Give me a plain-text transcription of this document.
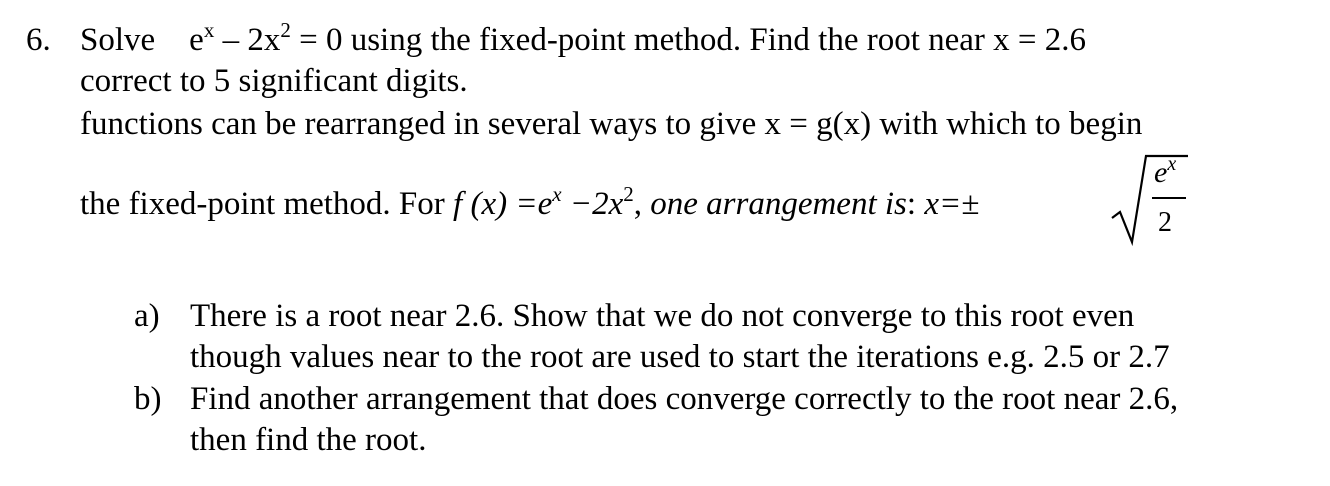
6. Solve $e^x - 2x^2 = 0$ using the fixed-point method. Find the root near x = 2.6
correct to 5 significant digits.
functions can be rearranged in several ways to give x = g(x) with which to begin
the fixed-point method. For f $(x) =e^x -2x^2$, one arrangement is: x=±
$e^x$
2
a) There is a root near 2.6. Show that we do not converge to this root even
though values near to the root are used to start the iterations e.g. 2.5 or 2.7
b) Find another arrangement that does converge correctly to the root near 2.6,
then find the root.
